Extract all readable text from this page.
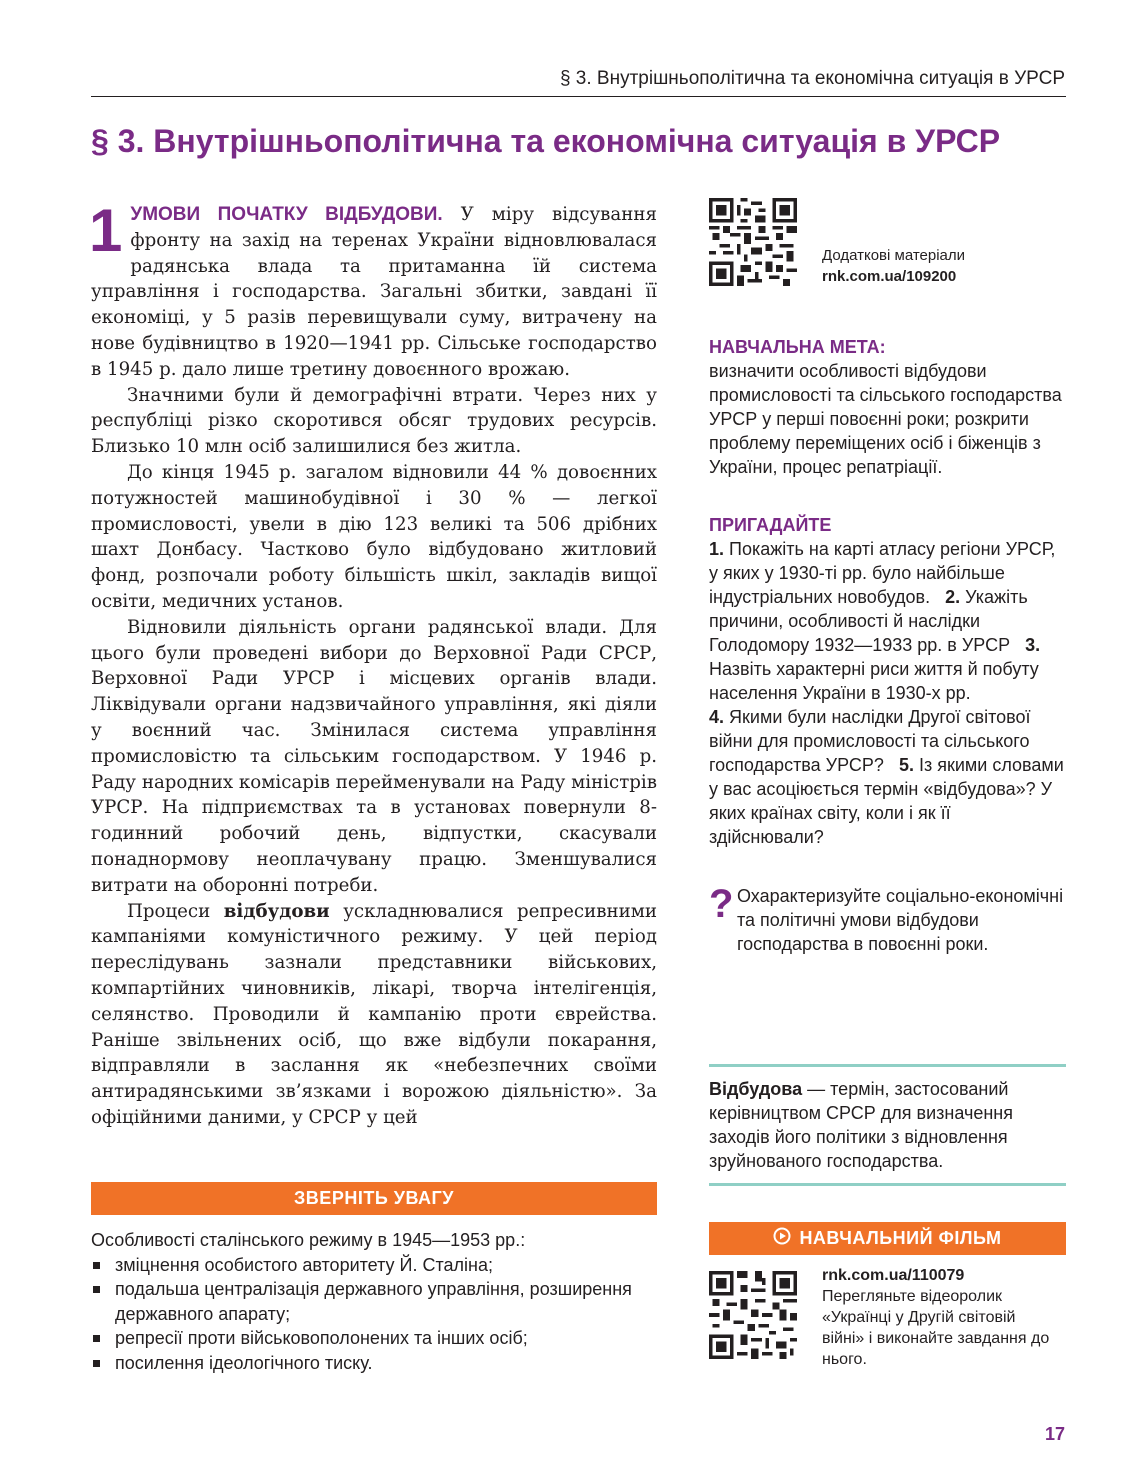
§ 3. Внутрішньополітична та економічна ситуація в УРСР
§ 3. Внутрішньополітична та економічна ситуація в УРСР

1 УМОВИ ПОЧАТКУ ВІДБУДОВИ. У міру відсування фронту на захід на теренах України відновлювалася радянська влада та притаманна їй система управління і господарства. Загальні збитки, завдані її економіці, у 5 разів перевищували суму, витрачену на нове будівництво в 1920—1941 рр. Сільське господарство в 1945 р. дало лише третину довоєнного врожаю.

Значними були й демографічні втрати. Через них у республіці різко скоротився обсяг трудових ресурсів. Близько 10 млн осіб залишилися без житла.

До кінця 1945 р. загалом відновили 44 % довоєнних потужностей машинобудівної і 30 % — легкої промисловості, увели в дію 123 великі та 506 дрібних шахт Донбасу. Частково було відбудовано житловий фонд, розпочали роботу більшість шкіл, закладів вищої освіти, медичних установ.

Відновили діяльність органи радянської влади. Для цього були проведені вибори до Верховної Ради СРСР, Верховної Ради УРСР і місцевих органів влади. Ліквідували органи надзвичайного управління, які діяли у воєнний час. Змінилася система управління промисловістю та сільським господарством. У 1946 р. Раду народних комісарів перейменували на Раду міністрів УРСР. На підприємствах та в установах повернули 8-годинний робочий день, відпустки, скасували понаднормову неоплачувану працю. Зменшувалися витрати на оборонні потреби.

Процеси відбудови ускладнювалися репресивними кампаніями комуністичного режиму. У цей період переслідувань зазнали представники військових, компартійних чиновників, лікарі, творча інтелігенція, селянство. Проводили й кампанію проти єврейства. Раніше звільнених осіб, що вже відбули покарання, відправляли в заслання як «небезпечних своїми антирадянськими зв’язками і ворожою діяльністю». За офіційними даними, у СРСР у цей

ЗВЕРНІТЬ УВАГУ
Особливості сталінського режиму в 1945—1953 рр.:
зміцнення особистого авторитету Й. Сталіна;
подальша централізація державного управління, розширення державного апарату;
репресії проти військовополонених та інших осіб;
посилення ідеологічного тиску.
Додаткові матеріали
rnk.com.ua/109200
НАВЧАЛЬНА МЕТА:
визначити особливості відбудови промисловості та сільського господарства УРСР у перші повоєнні роки; розкрити проблему переміщених осіб і біженців з України, процес репатріації.
ПРИГАДАЙТЕ
1. Покажіть на карті атласу регіони УРСР, у яких у 1930-ті рр. було найбільше індустріальних новобудов. 2. Укажіть причини, особливості й наслідки Голодомору 1932—1933 рр. в УРСР 3. Назвіть характерні риси життя й побуту населення України в 1930-х рр.
4. Якими були наслідки Другої світової війни для промисловості та сільського господарства УРСР? 5. Із якими словами у вас асоціюється термін «відбудова»? У яких країнах світу, коли і як її здійснювали?
? Охарактеризуйте соціально-економічні та політичні умови відбудови господарства в повоєнні роки.
Відбудова — термін, застосований керівництвом СРСР для визначення заходів його політики з відновлення зруйнованого господарства.
НАВЧАЛЬНИЙ ФІЛЬМ
rnk.com.ua/110079
Перегляньте відеоролик «Українці у Другій світовій війні» і виконайте завдання до нього.
17
